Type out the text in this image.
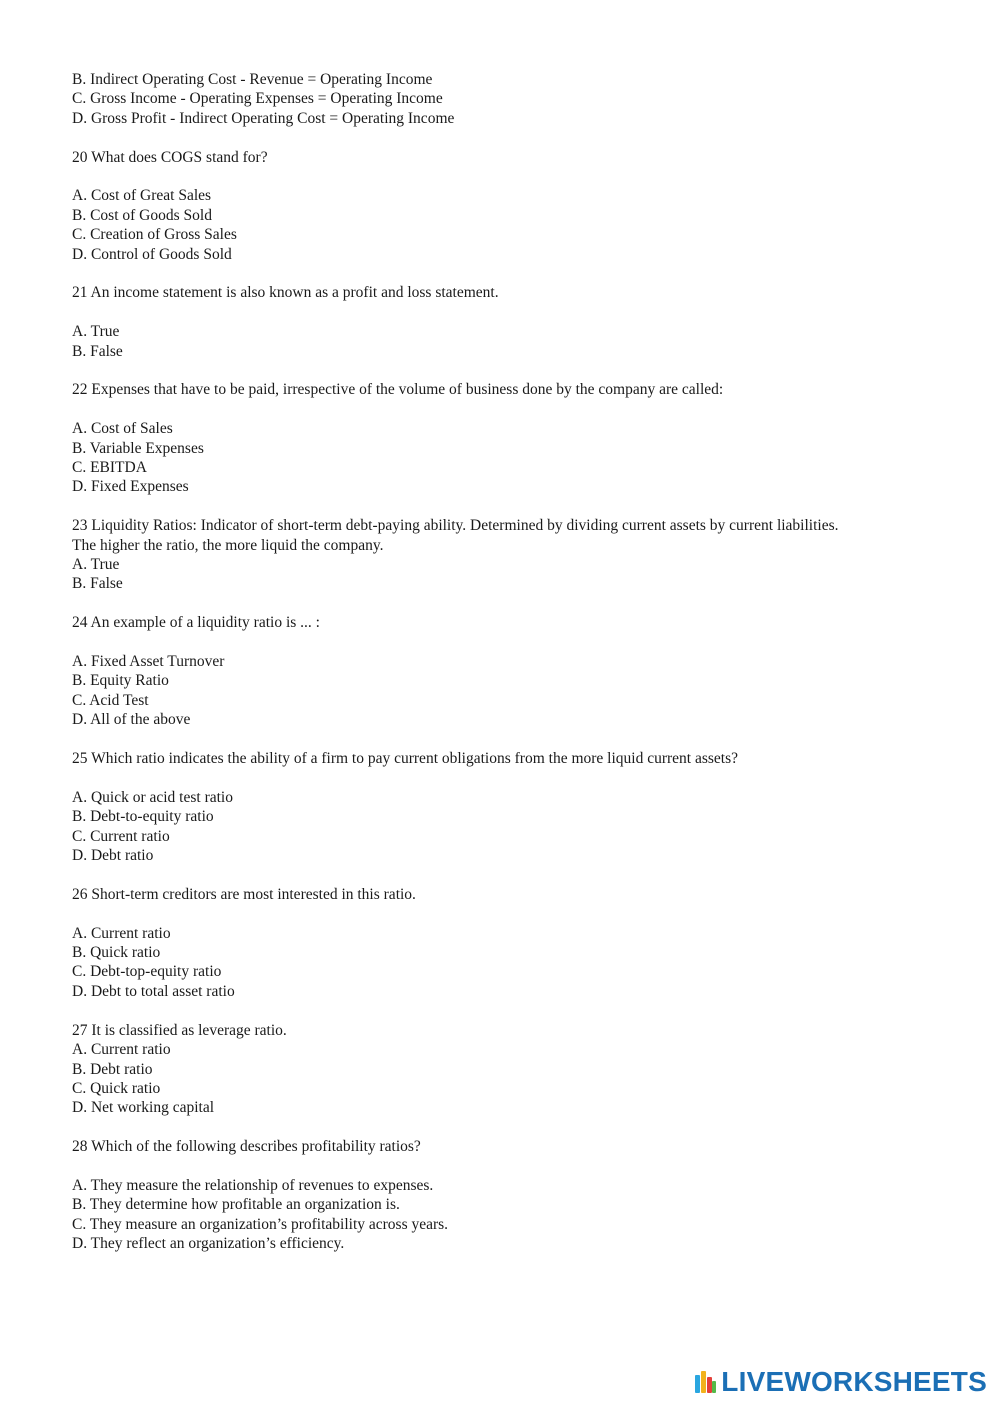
B. Indirect Operating Cost - Revenue = Operating Income
C. Gross Income - Operating Expenses = Operating Income
D. Gross Profit - Indirect Operating Cost = Operating Income
20 What does COGS stand for?
A. Cost of Great Sales
B. Cost of Goods Sold
C. Creation of Gross Sales
D. Control of Goods Sold
21 An income statement is also known as a profit and loss statement.
A. True
B. False
22 Expenses that have to be paid, irrespective of the volume of business done by the company are called:
A. Cost of Sales
B. Variable Expenses
C. EBITDA
D. Fixed Expenses
23 Liquidity Ratios: Indicator of short-term debt-paying ability. Determined by dividing current assets by current liabilities.
The higher the ratio, the more liquid the company.
A. True
B. False
24 An example of a liquidity ratio is ... :
A. Fixed Asset Turnover
B. Equity Ratio
C. Acid Test
D. All of the above
25 Which ratio indicates the ability of a firm to pay current obligations from the more liquid current assets?
A. Quick or acid test ratio
B. Debt-to-equity ratio
C. Current ratio
D. Debt ratio
26 Short-term creditors are most interested in this ratio.
A. Current ratio
B. Quick ratio
C. Debt-top-equity ratio
D. Debt to total asset ratio
27 It is classified as leverage ratio.
A. Current ratio
B. Debt ratio
C. Quick ratio
D. Net working capital
28 Which of the following describes profitability ratios?
A. They measure the relationship of revenues to expenses.
B. They determine how profitable an organization is.
C. They measure an organization’s profitability across years.
D. They reflect an organization’s efficiency.
LIVEWORKSHEETS
